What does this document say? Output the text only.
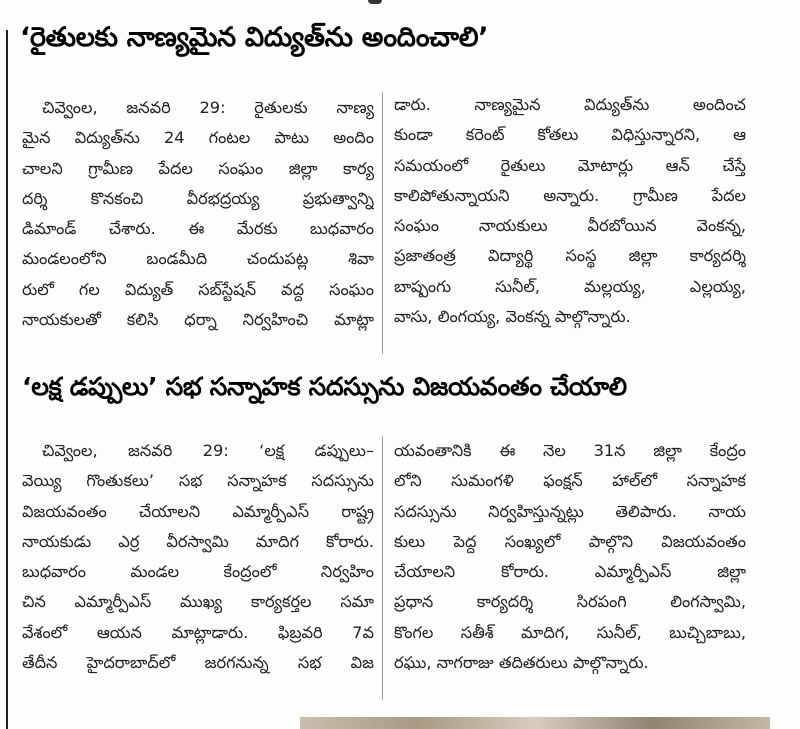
‘రైతులకు నాణ్యమైన విద్యుత్‌ను అందించాలి’
చివ్వెంల, జనవరి 29: రైతులకు నాణ్య
మైన విద్యుత్‌ను 24 గంటల పాటు అందిం
చాలని గ్రామీణ పేదల సంఘం జిల్లా కార్య
దర్శి కొనకంచి వీరభద్రయ్య ప్రభుత్వాన్ని
డిమాండ్ చేశారు. ఈ మేరకు బుధవారం
మండలంలోని బండమీది చందుపట్ల శివా
రులో గల విద్యుత్ సబ్‌స్టేషన్ వద్ద సంఘం
నాయకులతో కలిసి ధర్నా నిర్వహించి మాట్లా
డారు. నాణ్యమైన విద్యుత్‌ను అందించ
కుండా కరెంట్ కోతలు విధిస్తున్నారని, ఆ
సమయంలో రైతులు మోటార్లు ఆన్ చేస్తే
కాలిపోతున్నాయని అన్నారు. గ్రామీణ పేదల
సంఘం నాయకులు వీరబోయిన వెంకన్న,
ప్రజాతంత్ర విద్యార్థి సంస్థ జిల్లా కార్యదర్శి
బాష్పంగు సునీల్, మల్లయ్య, ఎల్లయ్య,
వాసు, లింగయ్య, వెంకన్న పాల్గొన్నారు.
‘లక్ష డప్పులు’ సభ సన్నాహక సదస్సును విజయవంతం చేయాలి
చివ్వెంల, జనవరి 29: ‘లక్ష డప్పులు–
వెయ్యి గొంతుకలు’ సభ సన్నాహక సదస్సును
విజయవంతం చేయాలని ఎమ్మార్పీఎస్ రాష్ట్ర
నాయకుడు ఎర్ర వీరస్వామి మాదిగ కోరారు.
బుధవారం మండల కేంద్రంలో నిర్వహిం
చిన ఎమ్మార్పీఎస్ ముఖ్య కార్యకర్తల సమా
వేశంలో ఆయన మాట్లాడారు. ఫిబ్రవరి 7వ
తేదీన హైదరాబాద్‌లో జరగనున్న సభ విజ
యవంతానికి ఈ నెల 31న జిల్లా కేంద్రం
లోని సుమంగళి ఫంక్షన్ హాల్‌లో సన్నాహక
సదస్సును నిర్వహిస్తున్నట్లు తెలిపారు. నాయ
కులు పెద్ద సంఖ్యలో పాల్గొని విజయవంతం
చేయాలని కోరారు. ఎమ్మార్పీఎస్ జిల్లా
ప్రధాన కార్యదర్శి సిరపంగి లింగస్వామి,
కొంగల సతీశ్ మాదిగ, సునీల్, బుచ్చిబాబు,
రఘు, నాగరాజు తదితరులు పాల్గొన్నారు.
